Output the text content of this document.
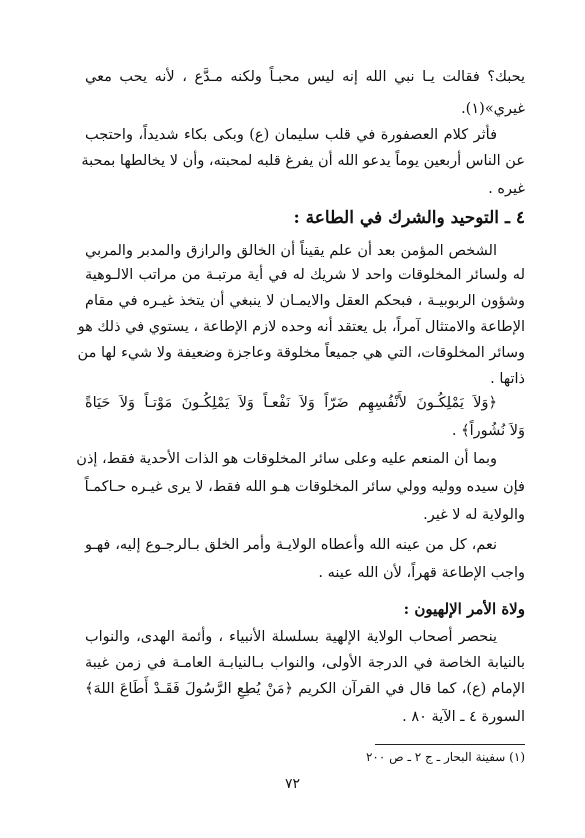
يحبك؟ فقالت يـا نبي الله إنه ليس محبـاً ولكنه مـدَّع ، لأنه يحب معي
غيري»(١).
فأثر كلام العصفورة في قلب سليمان (ع) وبكى بكاء شديداً، واحتجب
عن الناس أربعين يوماً يدعو الله أن يفرغ قلبه لمحبته، وأن لا يخالطها بمحبة
غيره .
٤ ـ التوحيد والشرك في الطاعة :
الشخص المؤمن بعد أن علم يقيناً أن الخالق والرازق والمدبر والمربي
له ولسائر المخلوقات واحد لا شريك له في أية مرتبـة من مراتب الالـوهية
وشؤون الربوبيـة ، فبحكم العقل والايمـان لا ينبغي أن يتخذ غيـره في مقام
الإطاعة والامتثال آمراً، بل يعتقد أنه وحده لازم الإطاعة ، يستوي في ذلك هو
وسائر المخلوقات، التي هي جميعاً مخلوقة وعاجزة وضعيفة ولا شيء لها من
ذاتها .
﴿وَلاَ يَمْلِكُـونَ لأَنْفُسِهِم ضَرّاً وَلاَ نَفْعـاً وَلاَ يَمْلِكُـونَ مَوْتـاً وَلاَ حَيَاةً
وَلاَ نُشُوراً﴾ .
وبما أن المنعم عليه وعلى سائر المخلوقات هو الذات الأحدية فقط، إذن
فإن سيده ووليه وولي سائر المخلوقات هـو الله فقط، لا يرى غيـره حـاكمـاً
والولاية له لا غير.
نعم، كل من عينه الله وأعطاه الولايـة وأمر الخلق بـالرجـوع إليه، فهـو
واجب الإطاعة قهراً، لأن الله عينه .
ولاة الأمر الإلهيون :
ينحصر أصحاب الولاية الإلهية بسلسلة الأنبياء ، وأئمة الهدى، والنواب
بالنيابة الخاصة في الدرجة الأولى، والنواب بـالنيابـة العامـة في زمن غيبة
الإمام (ع)، كما قال في القرآن الكريم ﴿مَنْ يُطِعِ الرَّسُولَ فَقَـدْ أَطَاعَ اللهَ﴾
السورة ٤ ـ الآية ٨٠ .
(١) سفينة البحار ـ ج ٢ ـ ص ٢٠٠
٧٢
